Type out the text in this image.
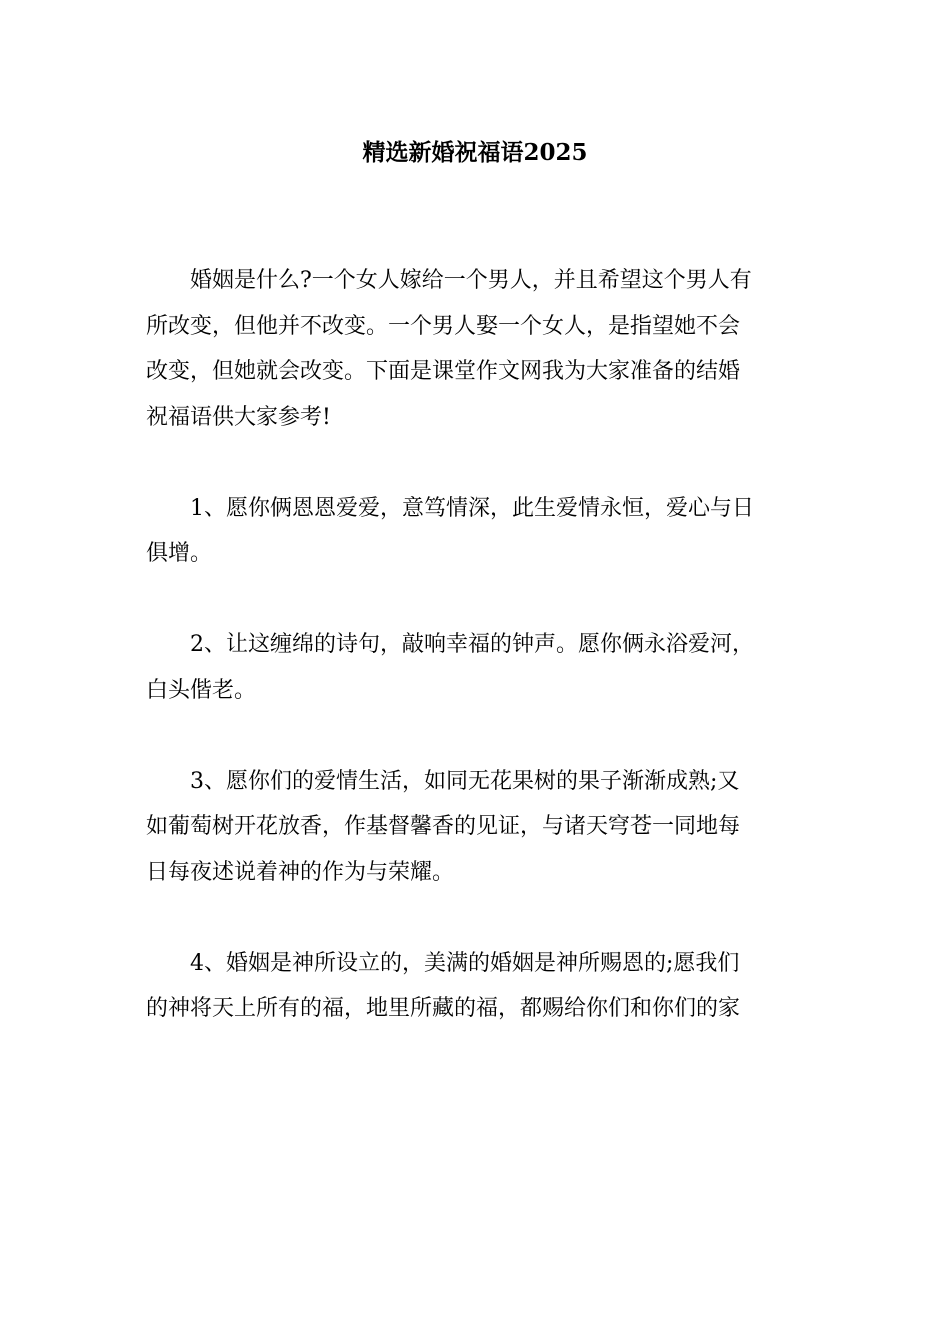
精选新婚祝福语2025
婚姻是什么?一个女人嫁给一个男人，并且希望这个男人有
所改变，但他并不改变。一个男人娶一个女人，是指望她不会
改变，但她就会改变。下面是课堂作文网我为大家准备的结婚
祝福语供大家参考!
1、愿你俩恩恩爱爱，意笃情深，此生爱情永恒，爱心与日
俱增。
2、让这缠绵的诗句，敲响幸福的钟声。愿你俩永浴爱河，
白头偕老。
3、愿你们的爱情生活，如同无花果树的果子渐渐成熟;又
如葡萄树开花放香，作基督馨香的见证，与诸天穹苍一同地每
日每夜述说着神的作为与荣耀。
4、婚姻是神所设立的，美满的婚姻是神所赐恩的;愿我们
的神将天上所有的福，地里所藏的福，都赐给你们和你们的家
